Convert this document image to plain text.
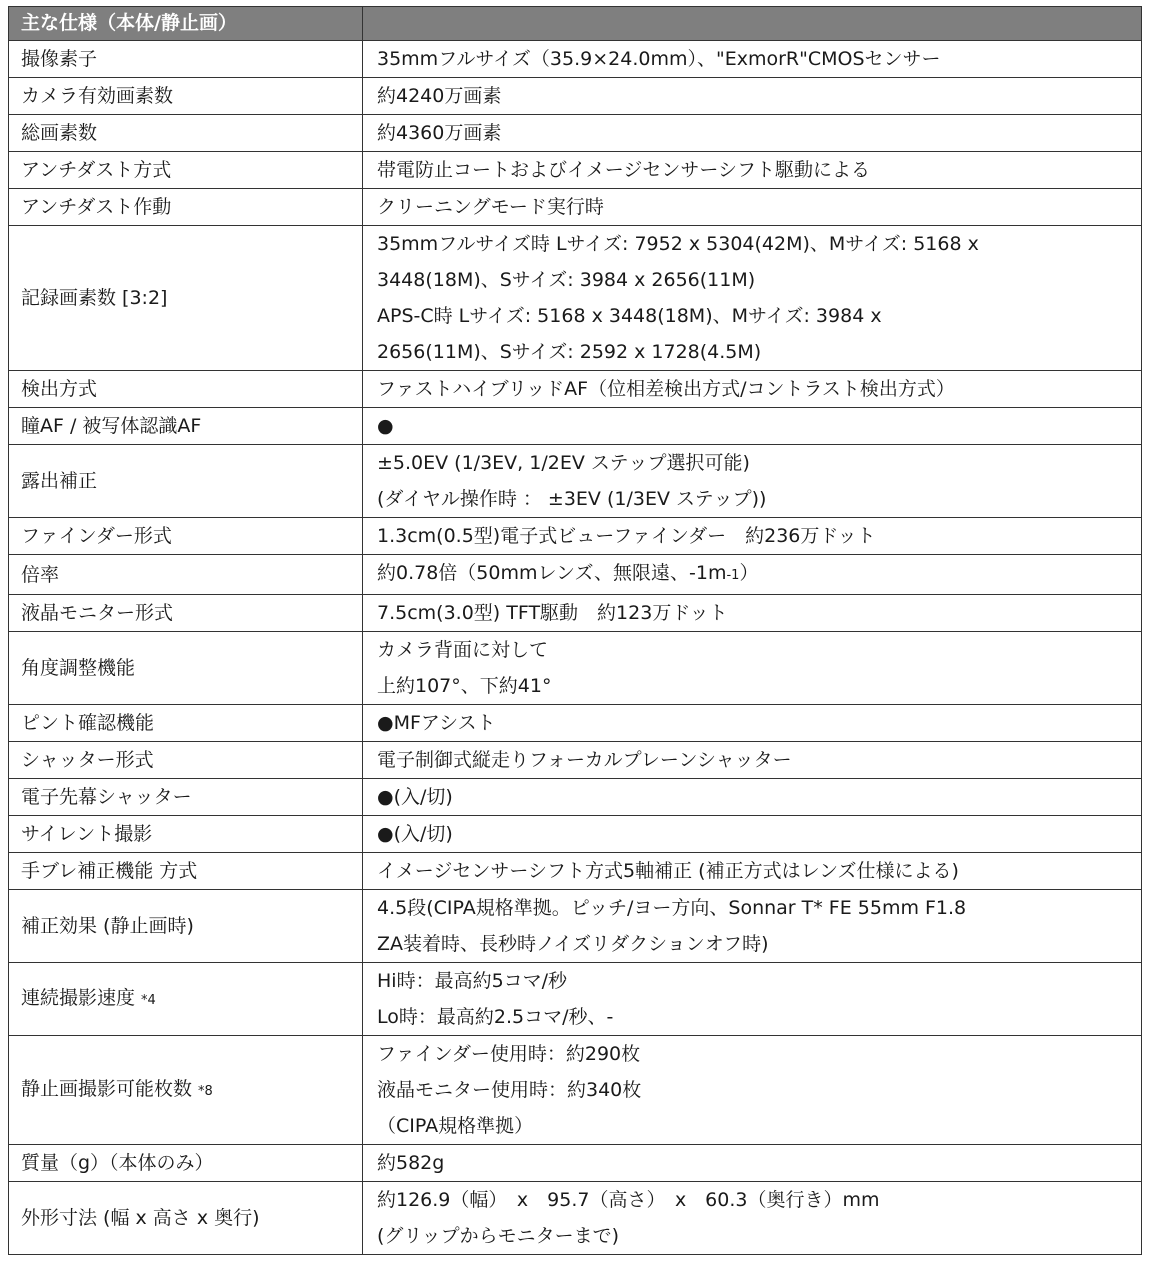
主な仕様（本体/静止画）	
撮像素子	35mmフルサイズ（35.9×24.0mm）、"ExmorR"CMOSセンサー

カメラ有効画素数	約4240万画素

総画素数	約4360万画素

アンチダスト方式	帯電防止コートおよびイメージセンサーシフト駆動による

アンチダスト作動	クリーニングモード実行時

記録画素数 [3:2]	35mmフルサイズ時 Lサイズ: 7952 x 5304(42M)、Mサイズ: 5168 x
3448(18M)、Sサイズ: 3984 x 2656(11M)
APS-C時 Lサイズ: 5168 x 3448(18M)、Mサイズ: 3984 x
2656(11M)、Sサイズ: 2592 x 1728(4.5M)

検出方式	ファストハイブリッドAF（位相差検出方式/コントラスト検出方式）

瞳AF / 被写体認識AF	●

露出補正	±5.0EV (1/3EV, 1/2EV ステップ選択可能)
(ダイヤル操作時 ： ±3EV (1/3EV ステップ))

ファインダー形式	1.3cm(0.5型)電子式ビューファインダー　約236万ドット

倍率	約0.78倍（50mmレンズ、無限遠、-1m-1）

液晶モニター形式	7.5cm(3.0型) TFT駆動　約123万ドット

角度調整機能	カメラ背面に対して
上約107°、下約41°

ピント確認機能	●MFアシスト

シャッター形式	電子制御式縦走りフォーカルプレーンシャッター

電子先幕シャッター	●(入/切)

サイレント撮影	●(入/切)

手ブレ補正機能 方式	イメージセンサーシフト方式5軸補正 (補正方式はレンズ仕様による)

補正効果 (静止画時)	4.5段(CIPA規格準拠。ピッチ/ヨー方向、Sonnar T* FE 55mm F1.8
ZA装着時、長秒時ノイズリダクションオフ時)

連続撮影速度 *4	Hi時：最高約5コマ/秒
Lo時：最高約2.5コマ/秒、-

静止画撮影可能枚数 *8	ファインダー使用時：約290枚
液晶モニター使用時：約340枚
（CIPA規格準拠）

質量（g）（本体のみ）	約582g

外形寸法 (幅 x 高さ x 奥行)	約126.9（幅）　x　95.7（高さ）　x　60.3（奥行き）mm
(グリップからモニターまで)
